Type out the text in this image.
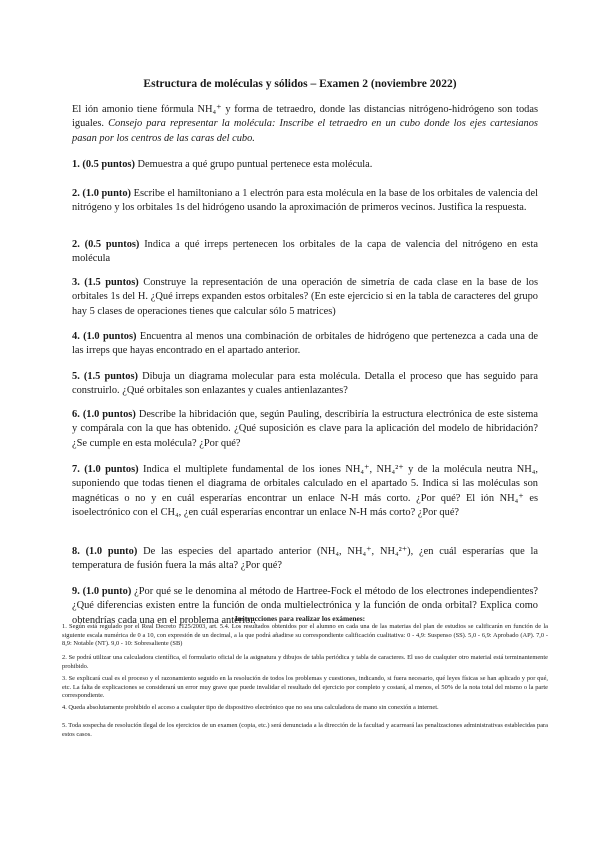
Estructura de moléculas y sólidos – Examen 2 (noviembre 2022)
El ión amonio tiene fórmula NH₄⁺ y forma de tetraedro, donde las distancias nitrógeno-hidrógeno son todas iguales. Consejo para representar la molécula: Inscribe el tetraedro en un cubo donde los ejes cartesianos pasan por los centros de las caras del cubo.
1. (0.5 puntos) Demuestra a qué grupo puntual pertenece esta molécula.
2. (1.0 punto) Escribe el hamiltoniano a 1 electrón para esta molécula en la base de los orbitales de valencia del nitrógeno y los orbitales 1s del hidrógeno usando la aproximación de primeros vecinos. Justifica la respuesta.
2. (0.5 puntos) Indica a qué irreps pertenecen los orbitales de la capa de valencia del nitrógeno en esta molécula
3. (1.5 puntos) Construye la representación de una operación de simetría de cada clase en la base de los orbitales 1s del H. ¿Qué irreps expanden estos orbitales? (En este ejercicio si en la tabla de caracteres del grupo hay 5 clases de operaciones tienes que calcular sólo 5 matrices)
4. (1.0 puntos) Encuentra al menos una combinación de orbitales de hidrógeno que pertenezca a cada una de las irreps que hayas encontrado en el apartado anterior.
5. (1.5 puntos) Dibuja un diagrama molecular para esta molécula. Detalla el proceso que has seguido para construirlo. ¿Qué orbitales son enlazantes y cuales antienlazantes?
6. (1.0 puntos) Describe la hibridación que, según Pauling, describiría la estructura electrónica de este sistema y compárala con la que has obtenido. ¿Qué suposición es clave para la aplicación del modelo de hibridación? ¿Se cumple en esta molécula? ¿Por qué?
7. (1.0 puntos) Indica el multiplete fundamental de los iones NH₄⁺, NH₄²⁺ y de la molécula neutra NH₄, suponiendo que todas tienen el diagrama de orbitales calculado en el apartado 5. Indica si las moléculas son magnéticas o no y en cuál esperarías encontrar un enlace N-H más corto. ¿Por qué? El ión NH₄⁺ es isoelectrónico con el CH₄, ¿en cuál esperarías encontrar un enlace N-H más corto? ¿Por qué?
8. (1.0 punto) De las especies del apartado anterior (NH₄, NH₄⁺, NH₄²⁺), ¿en cuál esperarías que la temperatura de fusión fuera la más alta? ¿Por qué?
9. (1.0 punto) ¿Por qué se le denomina al método de Hartree-Fock el método de los electrones independientes? ¿Qué diferencias existen entre la función de onda multielectrónica y la función de onda orbital? Explica como obtendrías cada una en el problema anterior.
Instrucciones para realizar los exámenes:
1. Según está regulado por el Real Decreto 1125/2003, art. 5.4. Los resultados obtenidos por el alumno en cada una de las materias del plan de estudios se calificarán en función de la siguiente escala numérica de 0 a 10, con expresión de un decimal, a la que podrá añadirse su correspondiente calificación cualitativa: 0 - 4,9: Suspenso (SS). 5,0 - 6,9: Aprobado (AP). 7,0 - 8,9: Notable (NT). 9,0 - 10: Sobresaliente (SB)
2. Se podrá utilizar una calculadora científica, el formulario oficial de la asignatura y dibujos de tabla periódica y tabla de caracteres. El uso de cualquier otro material está terminantemente prohibido.
3. Se explicará cual es el proceso y el razonamiento seguido en la resolución de todos los problemas y cuestiones, indicando, si fuera necesario, qué leyes físicas se han aplicado y por qué, etc. La falta de explicaciones se considerará un error muy grave que puede invalidar el resultado del ejercicio por completo y costará, al menos, el 50% de la nota total del mismo o la parte correspondiente.
4. Queda absolutamente prohibido el acceso a cualquier tipo de dispositivo electrónico que no sea una calculadora de mano sin conexión a internet.
5. Toda sospecha de resolución ilegal de los ejercicios de un examen (copia, etc.) será denunciada a la dirección de la facultad y acarreará las penalizaciones administrativas establecidas para estos casos.
